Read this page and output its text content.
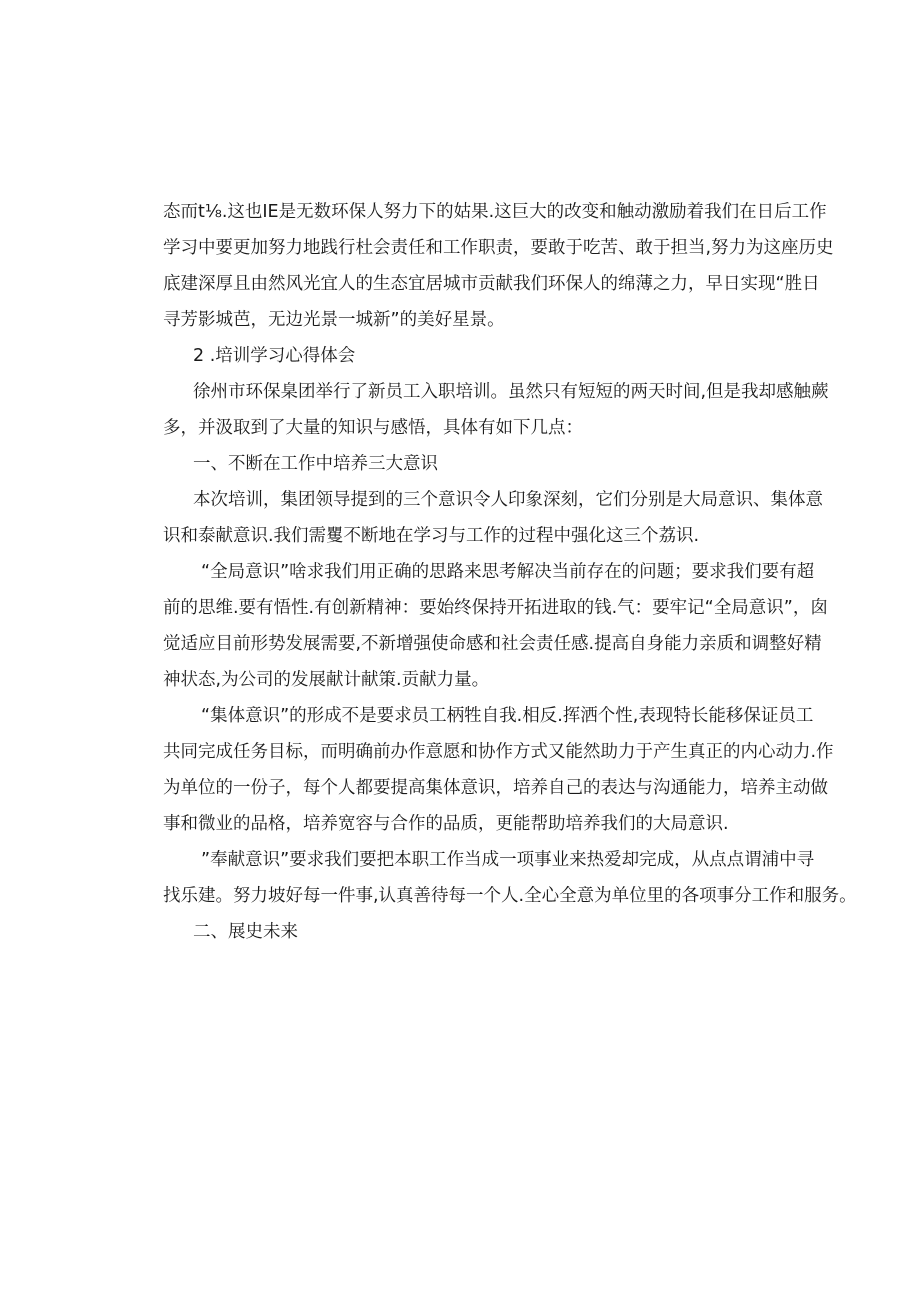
态而t⅛.这也IE是无数环保人努力下的姑果.这巨大的改变和触动激励着我们在日后工作
学习中要更加努力地践行杜会责任和工作职责，要敢于吃苦、敢于担当,努力为这座历史
底建深厚且由然风光宜人的生态宜居城市贡献我们环保人的绵薄之力，早日实现“胜日
寻芳影城芭，无边光景一城新”的美好星景。
2 .培训学习心得体会
徐州市环保臬团举行了新员工入职培训。虽然只有短短的两天时间,但是我却感触蕨
多，并汲取到了大量的知识与感悟，具体有如下几点：
一、不断在工作中培养三大意识
本次培训，集团领导提到的三个意识令人印象深刻，它们分别是大局意识、集体意
识和泰献意识.我们需矍不断地在学习与工作的过程中强化这三个荔识.
“全局意识”啥求我们用正确的思路来思考解决当前存在的问题；要求我们要有超
前的思维.要有悟性.有创新精神：要始终保持开拓进取的钱.气：要牢记“全局意识”，囱
觉适应目前形势发展需要,不新增强使命感和社会责任感.提高自身能力亲质和调整好精
神状态,为公司的发展献计献策.贡献力量。
“集体意识”的形成不是要求员工柄牲自我.相反.挥洒个性,表现特长能移保证员工
共同完成任务目标，而明确前办作意愿和协作方式又能然助力于产生真正的内心动力.作
为单位的一份子，每个人都要提高集体意识，培养自己的表达与沟通能力，培养主动做
事和微业的品格，培养宽容与合作的品质，更能帮助培养我们的大局意识.
”奉献意识”要求我们要把本职工作当成一项事业来热爱却完成，从点点谓浦中寻
找乐建。努力坡好每一件事,认真善待每一个人.全心全意为单位里的各项事分工作和服务。
二、展史未来
